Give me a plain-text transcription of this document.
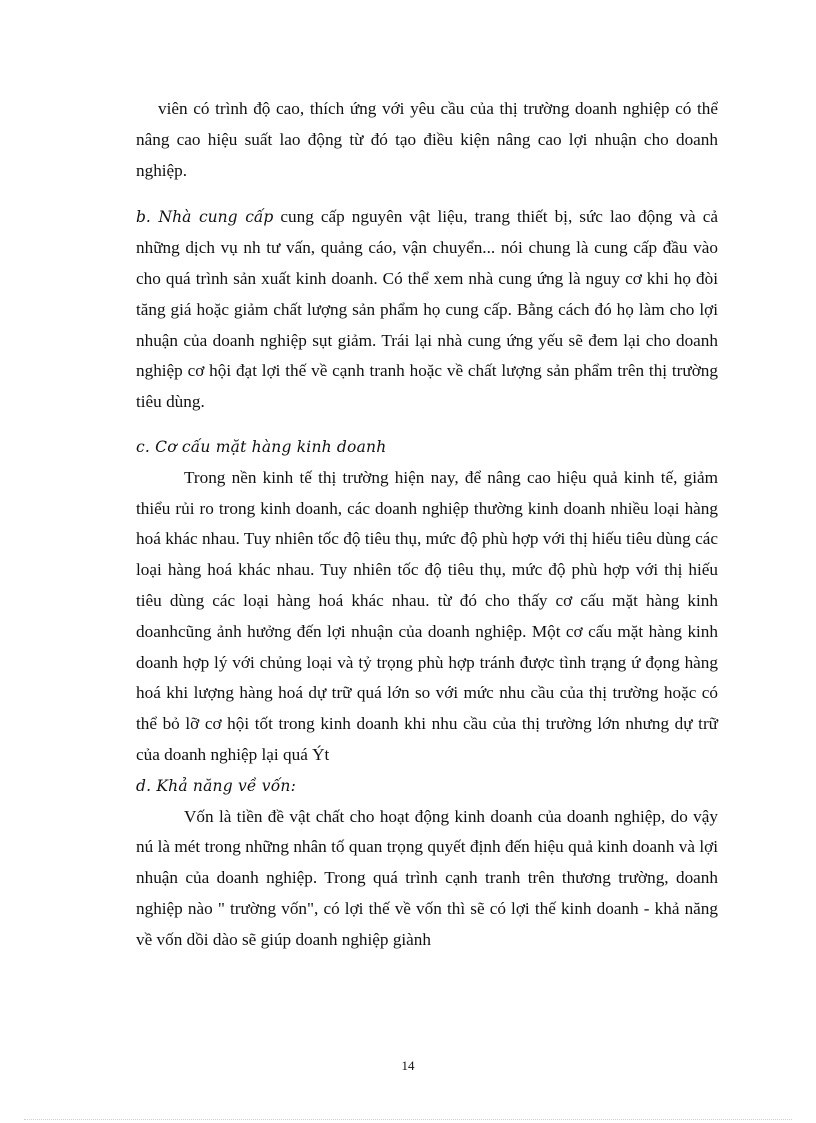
viên có trình độ cao, thích ứng với yêu cầu của thị trường doanh nghiệp có thể nâng cao hiệu suất lao động từ đó tạo điều kiện nâng cao lợi nhuận cho doanh nghiệp.

b. Nhà cung cấp cung cấp nguyên vật liệu, trang thiết bị, sức lao động và cả những dịch vụ nh tư vấn, quảng cáo, vận chuyển... nói chung là cung cấp đầu vào cho quá trình sản xuất kinh doanh. Có thể xem nhà cung ứng là nguy cơ khi họ đòi tăng giá hoặc giảm chất lượng sản phẩm họ cung cấp. Bằng cách đó họ làm cho lợi nhuận của doanh nghiệp sụt giảm. Trái lại nhà cung ứng yếu sẽ đem lại cho doanh nghiệp cơ hội đạt lợi thế về cạnh tranh hoặc về chất lượng sản phẩm trên thị trường tiêu dùng.

c. Cơ cấu mặt hàng kinh doanh

Trong nền kinh tế thị trường hiện nay, để nâng cao hiệu quả kinh tế, giảm thiểu rủi ro trong kinh doanh, các doanh nghiệp thường kinh doanh nhiều loại hàng hoá khác nhau. Tuy nhiên tốc độ tiêu thụ, mức độ phù hợp với thị hiếu tiêu dùng các loại hàng hoá khác nhau. Tuy nhiên tốc độ tiêu thụ, mức độ phù hợp với thị hiếu tiêu dùng các loại hàng hoá khác nhau. từ đó cho thấy cơ cấu mặt hàng kinh doanhcũng ảnh hưởng đến lợi nhuận của doanh nghiệp. Một cơ cấu mặt hàng kinh doanh hợp lý với chủng loại và tỷ trọng phù hợp tránh được tình trạng ứ đọng hàng hoá khi lượng hàng hoá dự trữ quá lớn so với mức nhu cầu của thị trường hoặc có thể bỏ lỡ cơ hội tốt trong kinh doanh khi nhu cầu của thị trường lớn nhưng dự trữ của doanh nghiệp lại quá Ýt

d. Khả năng về vốn:

Vốn là tiền đề vật chất cho hoạt động kinh doanh của doanh nghiệp, do vậy nú là mét trong những nhân tố quan trọng quyết định đến hiệu quả kinh doanh và lợi nhuận của doanh nghiệp. Trong quá trình cạnh tranh trên thương trường, doanh nghiệp nào " trường vốn", có lợi thế về vốn thì sẽ có lợi thế kinh doanh - khả năng về vốn dồi dào sẽ giúp doanh nghiệp giành

14
